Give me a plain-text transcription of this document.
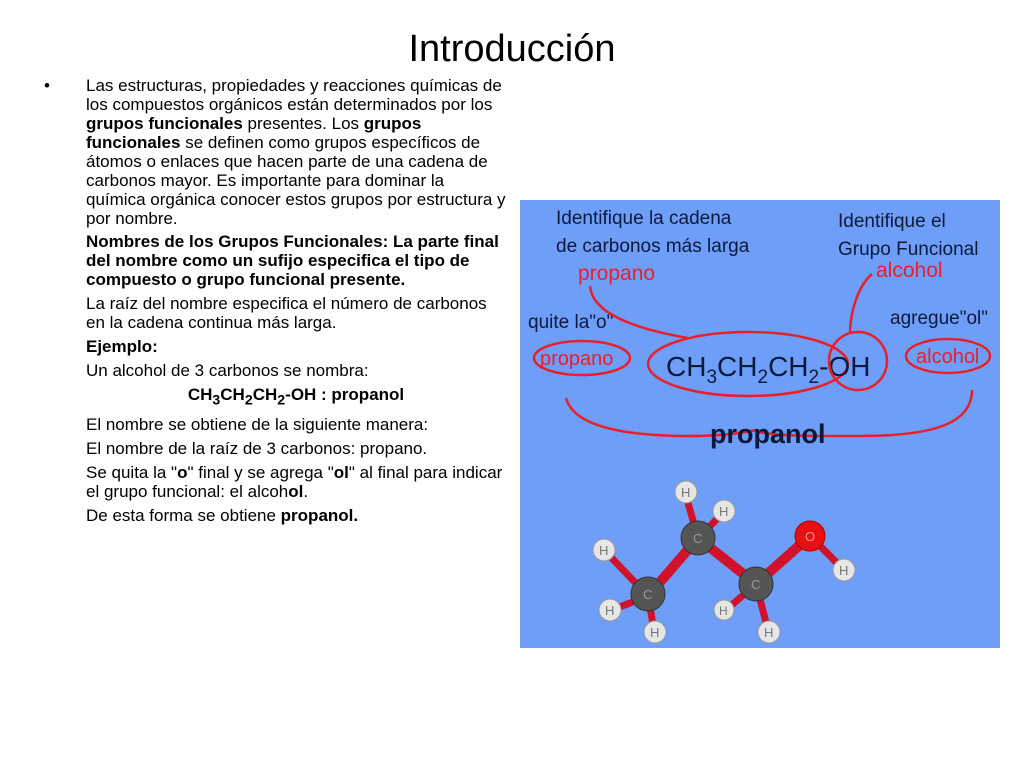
Introducción
• Las estructuras, propiedades y reacciones químicas de los compuestos orgánicos están determinados por los grupos funcionales presentes. Los grupos funcionales se definen como grupos específicos de átomos o enlaces que hacen parte de una cadena de carbonos mayor. Es importante para dominar la química orgánica conocer estos grupos por estructura y por nombre.

Nombres de los Grupos Funcionales: La parte final del nombre como un sufijo especifica el tipo de compuesto o grupo funcional presente.

La raíz del nombre especifica el número de carbonos en la cadena continua más larga.

Ejemplo:

Un alcohol de 3 carbonos se nombra:

$CH_3CH_2CH_2-OH$ : propanol

El nombre se obtiene de la siguiente manera:

El nombre de la raíz de 3 carbonos: propano.

Se quita la "o" final y se agrega "ol" al final para indicar el grupo funcional: el alcohol.

De esta forma se obtiene propanol.

Identifique la cadena
de carbonos más larga
propano
Identifique el
Grupo Funcional
alcohol
quite la"o"	agregue"ol"
propano $CH_3CH_2CH_2-OH$ alcohol
propanol
H
H
H
H
H
H
H
H
C
C
C
O
